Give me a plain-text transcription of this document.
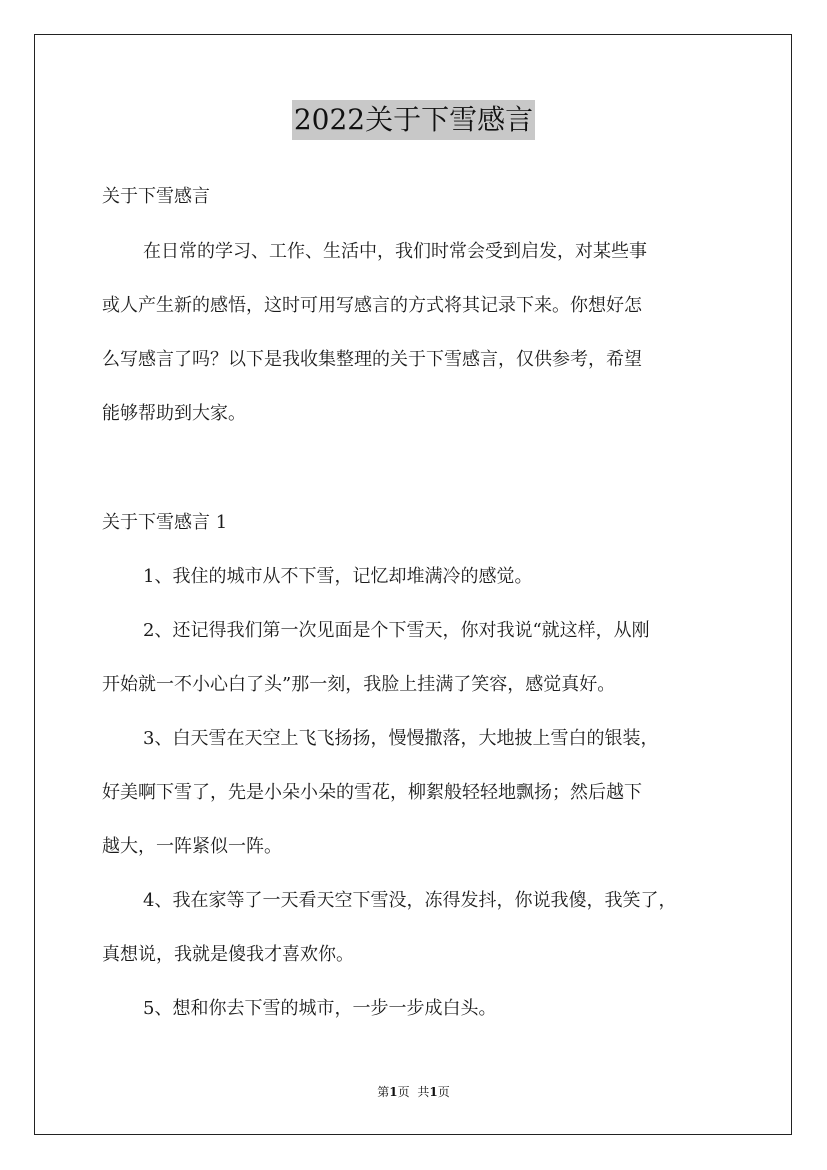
2022关于下雪感言
关于下雪感言
在日常的学习、工作、生活中，我们时常会受到启发，对某些事
或人产生新的感悟，这时可用写感言的方式将其记录下来。你想好怎
么写感言了吗？以下是我收集整理的关于下雪感言，仅供参考，希望
能够帮助到大家。
关于下雪感言 1
1、我住的城市从不下雪，记忆却堆满冷的感觉。
2、还记得我们第一次见面是个下雪天，你对我说“就这样，从刚
开始就一不小心白了头”那一刻，我脸上挂满了笑容，感觉真好。
3、白天雪在天空上飞飞扬扬，慢慢撒落，大地披上雪白的银装，
好美啊下雪了，先是小朵小朵的雪花，柳絮般轻轻地飘扬；然后越下
越大，一阵紧似一阵。
4、我在家等了一天看天空下雪没，冻得发抖，你说我傻，我笑了，
真想说，我就是傻我才喜欢你。
5、想和你去下雪的城市，一步一步成白头。
第1页 共1页
